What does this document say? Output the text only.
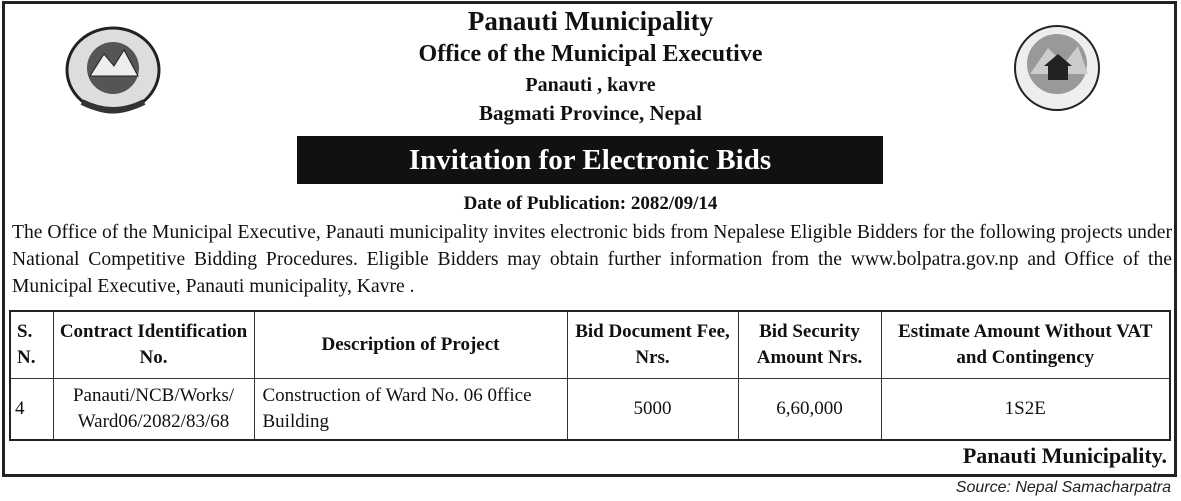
Panauti Municipality
Office of the Municipal Executive
Panauti , kavre
Bagmati Province, Nepal
Invitation for Electronic Bids
Date of Publication: 2082/09/14
The Office of the Municipal Executive, Panauti municipality invites electronic bids from Nepalese Eligible Bidders for the following projects under National Competitive Bidding Procedures. Eligible Bidders may obtain further information from the www.bolpatra.gov.np and Office of the Municipal Executive, Panauti municipality, Kavre .
S. N.	Contract Identification No.	Description of Project	Bid Document Fee, Nrs.	Bid Security Amount Nrs.	Estimate Amount Without VAT and Contingency
4	Panauti/NCB/Works/ Ward06/2082/83/68	Construction of Ward No. 06 0ffice Building	5000	6,60,000	1S2E
Panauti Municipality.
Source: Nepal Samacharpatra
